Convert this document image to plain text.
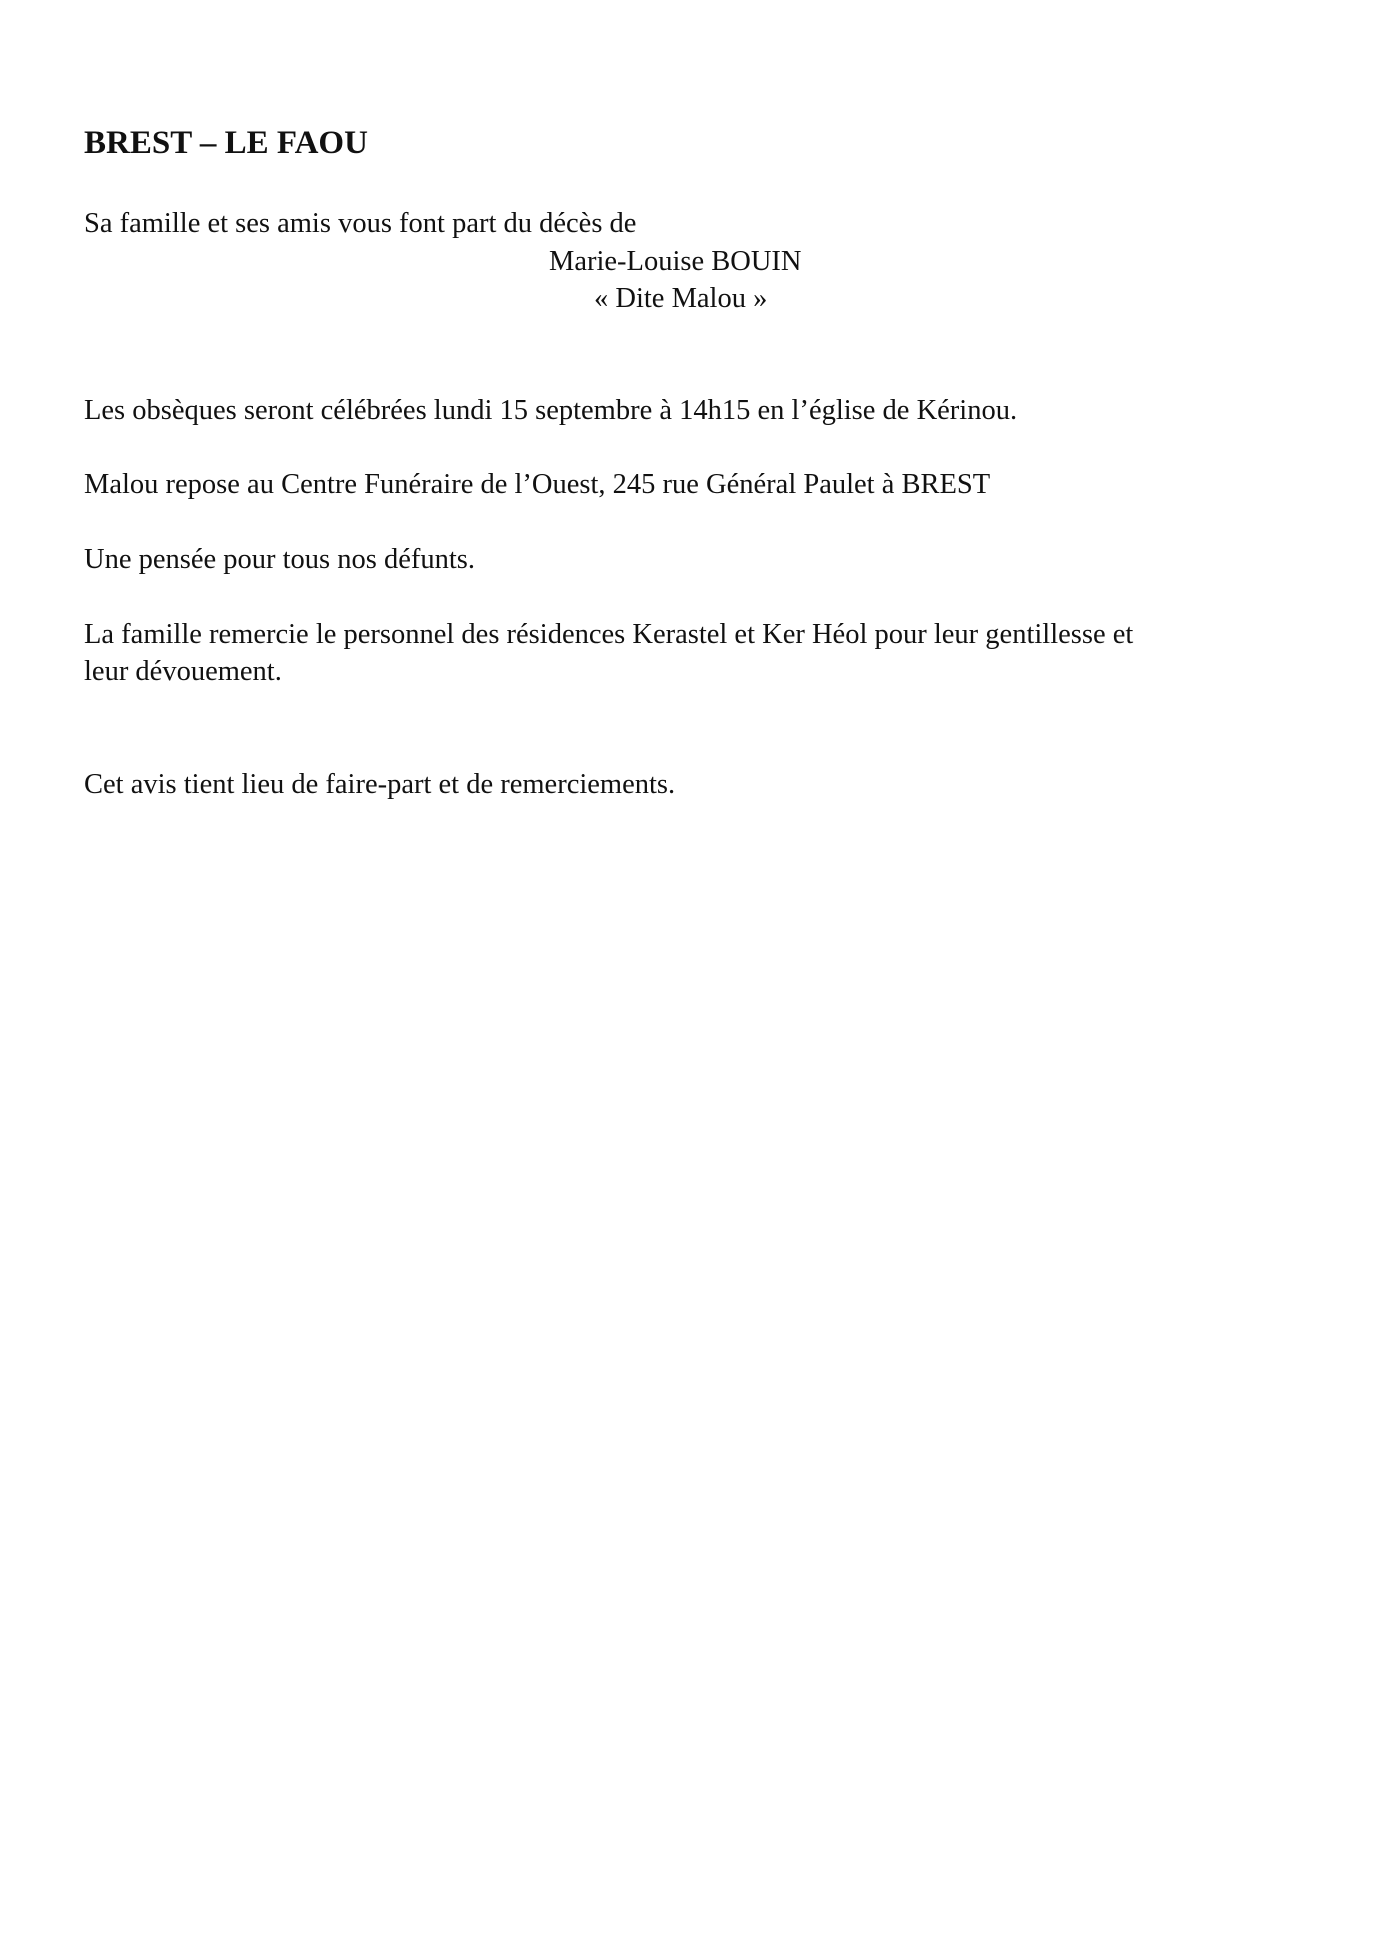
BREST – LE FAOU

Sa famille et ses amis vous font part du décès de

Marie-Louise BOUIN

« Dite Malou »

Les obsèques seront célébrées lundi 15 septembre à 14h15 en l’église de Kérinou.

Malou repose au Centre Funéraire de l’Ouest, 245 rue Général Paulet à BREST

Une pensée pour tous nos défunts.

La famille remercie le personnel des résidences Kerastel et Ker Héol pour leur gentillesse et

leur dévouement.

Cet avis tient lieu de faire-part et de remerciements.
